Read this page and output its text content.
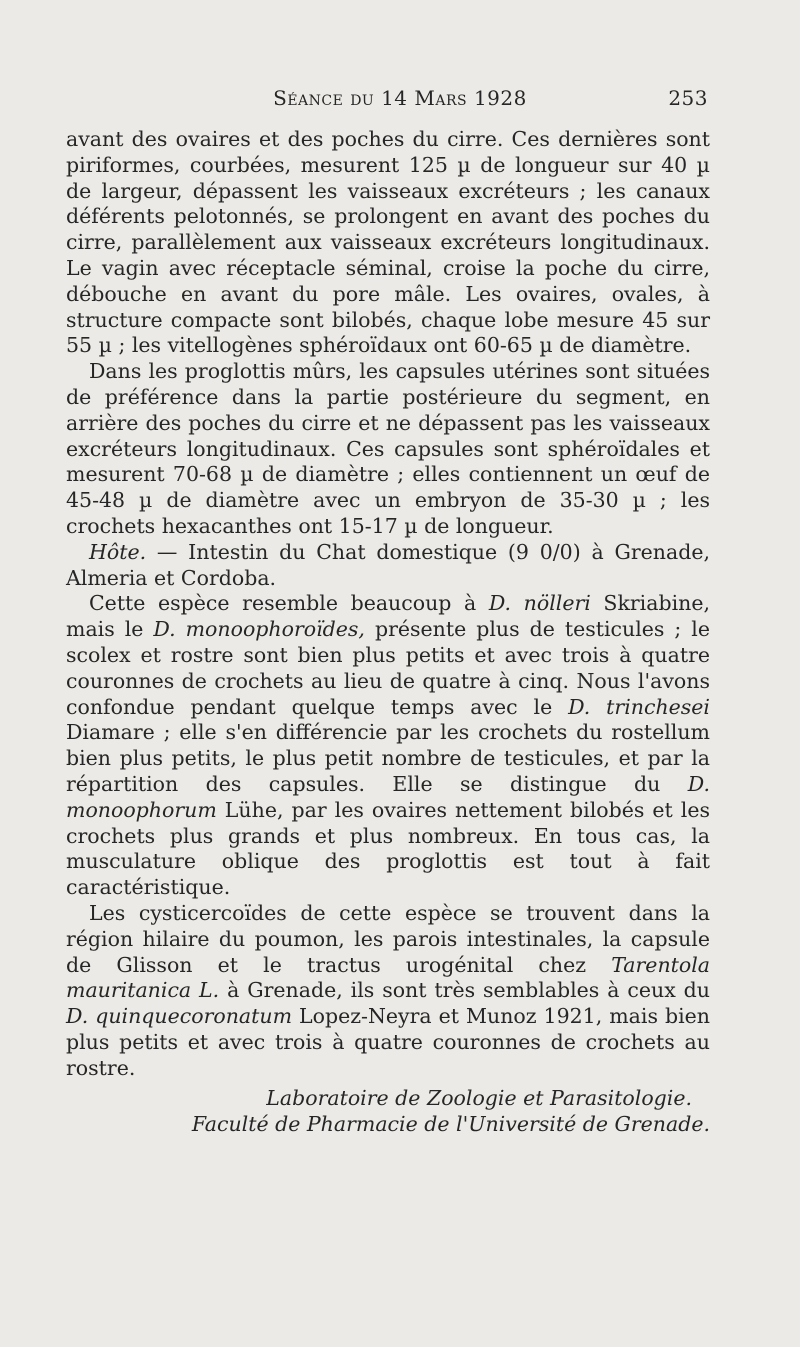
Séance du 14 Mars 1928	253

avant des ovaires et des poches du cirre. Ces dernières sont piriformes, courbées, mesurent 125 µ de longueur sur 40 µ de largeur, dépassent les vaisseaux excréteurs ; les canaux déférents pelotonnés, se prolongent en avant des poches du cirre, parallèlement aux vaisseaux excréteurs longitudinaux. Le vagin avec réceptacle séminal, croise la poche du cirre, débouche en avant du pore mâle. Les ovaires, ovales, à structure compacte sont bilobés, chaque lobe mesure 45 sur 55 µ ; les vitellogènes sphéroïdaux ont 60-65 µ de diamètre.

Dans les proglottis mûrs, les capsules utérines sont situées de préférence dans la partie postérieure du segment, en arrière des poches du cirre et ne dépassent pas les vaisseaux excréteurs longitudinaux. Ces capsules sont sphéroïdales et mesurent 70-68 µ de diamètre ; elles contiennent un œuf de 45-48 µ de diamètre avec un embryon de 35-30 µ ; les crochets hexacanthes ont 15-17 µ de longueur.

Hôte. — Intestin du Chat domestique (9 0/0) à Grenade, Almeria et Cordoba.

Cette espèce resemble beaucoup à D. nölleri Skriabine, mais le D. monoophoroïdes, présente plus de testicules ; le scolex et rostre sont bien plus petits et avec trois à quatre couronnes de crochets au lieu de quatre à cinq. Nous l'avons confondue pendant quelque temps avec le D. trinchesei Diamare ; elle s'en différencie par les crochets du rostellum bien plus petits, le plus petit nombre de testicules, et par la répartition des capsules. Elle se distingue du D. monoophorum Lühe, par les ovaires nettement bilobés et les crochets plus grands et plus nombreux. En tous cas, la musculature oblique des proglottis est tout à fait caractéristique.

Les cysticercoïdes de cette espèce se trouvent dans la région hilaire du poumon, les parois intestinales, la capsule de Glisson et le tractus urogénital chez Tarentola mauritanica L. à Grenade, ils sont très semblables à ceux du D. quinquecoronatum Lopez-Neyra et Munoz 1921, mais bien plus petits et avec trois à quatre couronnes de crochets au rostre.

Laboratoire de Zoologie et Parasitologie.
Faculté de Pharmacie de l'Université de Grenade.
